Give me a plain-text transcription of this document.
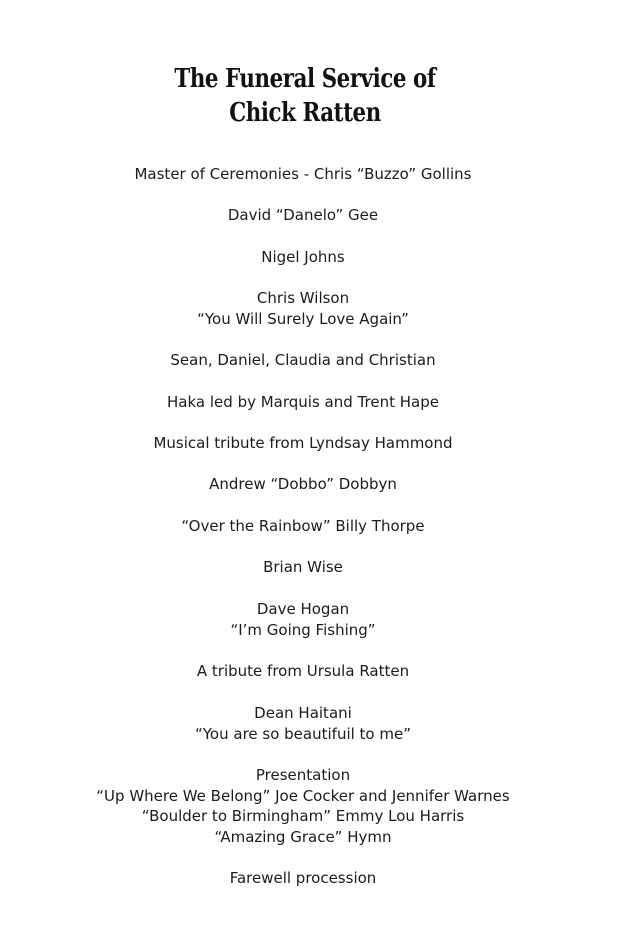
The Funeral Service of
Chick Ratten
Master of Ceremonies - Chris “Buzzo” Gollins
David “Danelo” Gee
Nigel Johns
Chris Wilson
“You Will Surely Love Again”
Sean, Daniel, Claudia and Christian
Haka led by Marquis and Trent Hape
Musical tribute from Lyndsay Hammond
Andrew “Dobbo” Dobbyn
“Over the Rainbow” Billy Thorpe
Brian Wise
Dave Hogan
“I’m Going Fishing”
A tribute from Ursula Ratten
Dean Haitani
“You are so beautifuil to me”
Presentation
“Up Where We Belong” Joe Cocker and Jennifer Warnes
“Boulder to Birmingham” Emmy Lou Harris
“Amazing Grace” Hymn
Farewell procession
